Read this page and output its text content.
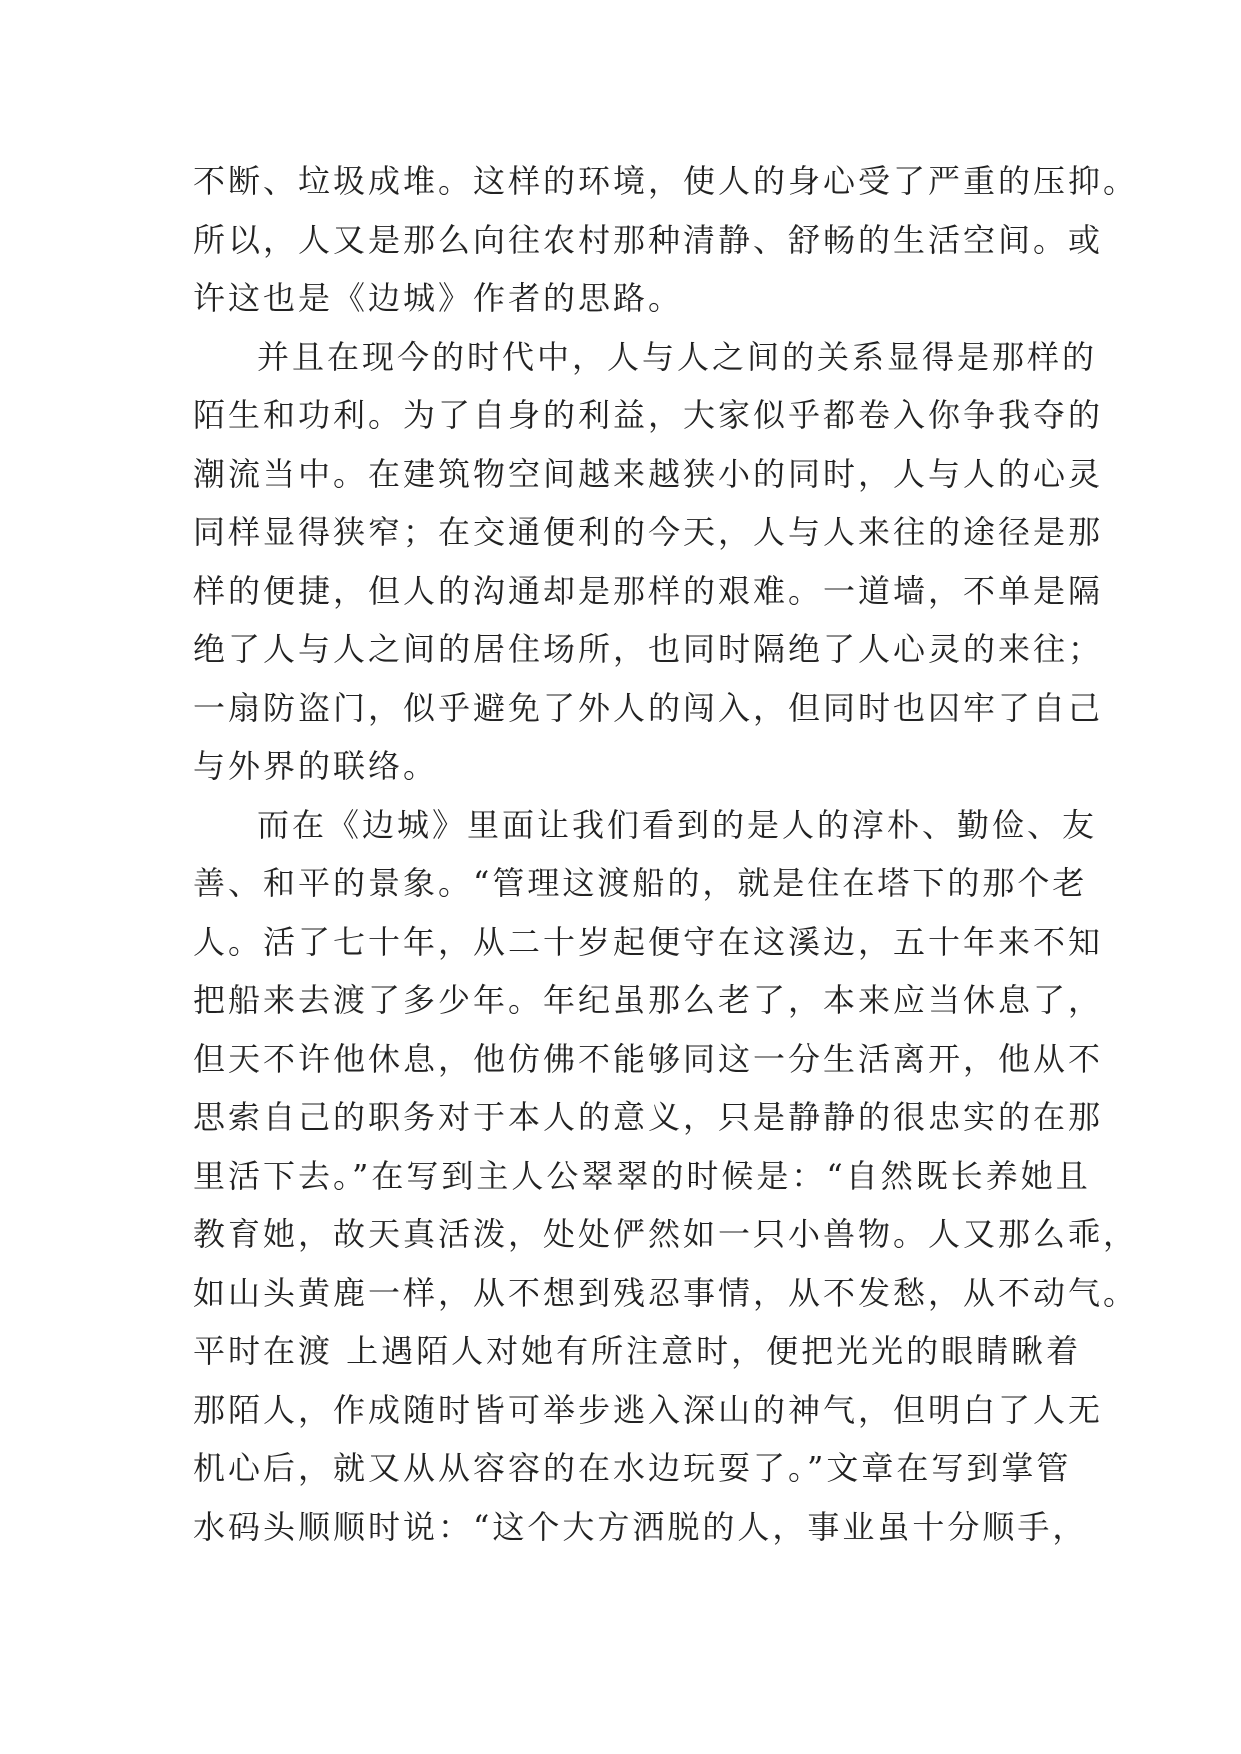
不断、垃圾成堆。这样的环境，使人的身心受了严重的压抑。
所以，人又是那么向往农村那种清静、舒畅的生活空间。或
许这也是《边城》作者的思路。
并且在现今的时代中，人与人之间的关系显得是那样的
陌生和功利。为了自身的利益，大家似乎都卷入你争我夺的
潮流当中。在建筑物空间越来越狭小的同时，人与人的心灵
同样显得狭窄；在交通便利的今天，人与人来往的途径是那
样的便捷，但人的沟通却是那样的艰难。一道墙，不单是隔
绝了人与人之间的居住场所，也同时隔绝了人心灵的来往；
一扇防盗门，似乎避免了外人的闯入，但同时也囚牢了自己
与外界的联络。
而在《边城》里面让我们看到的是人的淳朴、勤俭、友
善、和平的景象。“管理这渡船的，就是住在塔下的那个老
人。活了七十年，从二十岁起便守在这溪边，五十年来不知
把船来去渡了多少年。年纪虽那么老了，本来应当休息了，
但天不许他休息，他仿佛不能够同这一分生活离开，他从不
思索自己的职务对于本人的意义，只是静静的很忠实的在那
里活下去。”在写到主人公翠翠的时候是：“自然既长养她且
教育她，故天真活泼，处处俨然如一只小兽物。人又那么乖，
如山头黄鹿一样，从不想到残忍事情，从不发愁，从不动气。
平时在渡 上遇陌人对她有所注意时，便把光光的眼睛瞅着
那陌人，作成随时皆可举步逃入深山的神气，但明白了人无
机心后，就又从从容容的在水边玩耍了。”文章在写到掌管
水码头顺顺时说：“这个大方洒脱的人，事业虽十分顺手，
